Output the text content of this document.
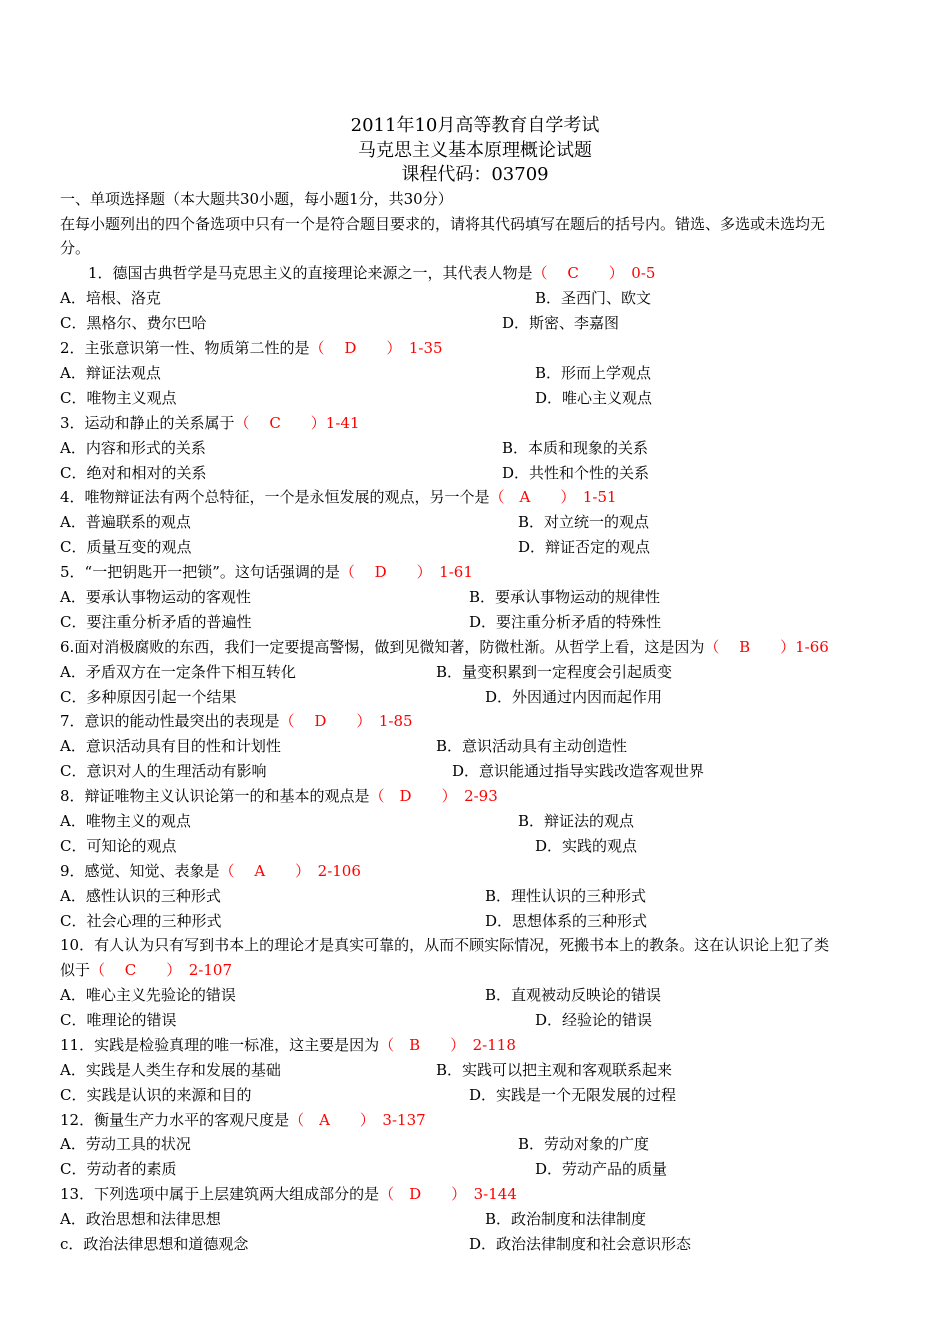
2011年10月高等教育自学考试
马克思主义基本原理概论试题
课程代码：03709
一、单项选择题（本大题共30小题，每小题1分，共30分）
在每小题列出的四个备选项中只有一个是符合题目要求的，请将其代码填写在题后的括号内。错选、多选或未选均无
分。
1．德国古典哲学是马克思主义的直接理论来源之一，其代表人物是（　 C　　）　0-5
A．培根、洛克	B．圣西门、欧文
C．黑格尔、费尔巴哈	D．斯密、李嘉图
2．主张意识第一性、物质第二性的是（　 D　　）　1-35
A．辩证法观点	B．形而上学观点
C．唯物主义观点	D．唯心主义观点
3．运动和静止的关系属于（　 C　　）1-41
A．内容和形式的关系	B．本质和现象的关系
C．绝对和相对的关系	D．共性和个性的关系
4．唯物辩证法有两个总特征，一个是永恒发展的观点，另一个是（　A　　）　1-51
A．普遍联系的观点	B．对立统一的观点
C．质量互变的观点	D．辩证否定的观点
5．“一把钥匙开一把锁”。这句话强调的是（　 D　　）　1-61
A．要承认事物运动的客观性	B．要承认事物运动的规律性
C．要注重分析矛盾的普遍性	D．要注重分析矛盾的特殊性
6.面对消极腐败的东西，我们一定要提高警惕，做到见微知著，防微杜渐。从哲学上看，这是因为（　 B　　）1-66
A．矛盾双方在一定条件下相互转化	B．量变积累到一定程度会引起质变
C．多种原因引起一个结果	D．外因通过内因而起作用
7．意识的能动性最突出的表现是（　 D　　）　1-85
A．意识活动具有目的性和计划性	B．意识活动具有主动创造性
C．意识对人的生理活动有影响	D．意识能通过指导实践改造客观世界
8．辩证唯物主义认识论第一的和基本的观点是（　D　　）　2-93
A．唯物主义的观点	B．辩证法的观点
C．可知论的观点	D．实践的观点
9．感觉、知觉、表象是（　 A　　）　2-106
A．感性认识的三种形式	B．理性认识的三种形式
C．社会心理的三种形式	D．思想体系的三种形式
10．有人认为只有写到书本上的理论才是真实可靠的，从而不顾实际情况，死搬书本上的教条。这在认识论上犯了类
似于（　 C　　）　2-107
A．唯心主义先验论的错误	B．直观被动反映论的错误
C．唯理论的错误	D．经验论的错误
11．实践是检验真理的唯一标准，这主要是因为（　B　　）　2-118
A．实践是人类生存和发展的基础	B．实践可以把主观和客观联系起来
C．实践是认识的来源和目的	D．实践是一个无限发展的过程
12．衡量生产力水平的客观尺度是（　A　　）　3-137
A．劳动工具的状况	B．劳动对象的广度
C．劳动者的素质	D．劳动产品的质量
13．下列选项中属于上层建筑两大组成部分的是（　D　　）　3-144
A．政治思想和法律思想	B．政治制度和法律制度
c．政治法律思想和道德观念	D．政治法律制度和社会意识形态
